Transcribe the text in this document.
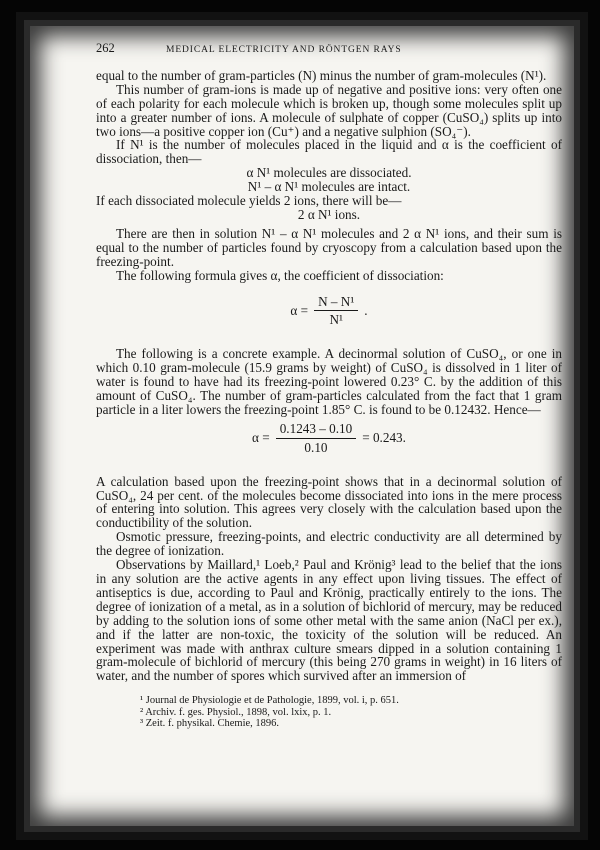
262	MEDICAL ELECTRICITY AND RÖNTGEN RAYS

equal to the number of gram-particles (N) minus the number of gram-molecules (N¹).

This number of gram-ions is made up of negative and positive ions: very often one of each polarity for each molecule which is broken up, though some molecules split up into a greater number of ions. A molecule of sulphate of copper (CuSO₄) splits up into two ions—a positive copper ion (Cu⁺) and a negative sulphion (SO₄⁻).

If N¹ is the number of molecules placed in the liquid and α is the coefficient of dissociation, then—

α N¹ molecules are dissociated.

N¹ – α N¹ molecules are intact.

If each dissociated molecule yields 2 ions, there will be—

2 α N¹ ions.

There are then in solution N¹ – α N¹ molecules and 2 α N¹ ions, and their sum is equal to the number of particles found by cryoscopy from a calculation based upon the freezing-point.

The following formula gives α, the coefficient of dissociation:

$\alpha = \frac{\text{N – N¹}}{\text{N¹}}$ .

The following is a concrete example. A decinormal solution of CuSO₄, or one in which 0.10 gram-molecule (15.9 grams by weight) of CuSO₄ is dissolved in 1 liter of water is found to have had its freezing-point lowered 0.23° C. by the addition of this amount of CuSO₄. The number of gram-particles calculated from the fact that 1 gram particle in a liter lowers the freezing-point 1.85° C. is found to be 0.12432. Hence—

$\alpha = \frac{0.1243 - 0.10}{0.10} = 0.243$.

A calculation based upon the freezing-point shows that in a decinormal solution of CuSO₄, 24 per cent. of the molecules become dissociated into ions in the mere process of entering into solution. This agrees very closely with the calculation based upon the conductibility of the solution.

Osmotic pressure, freezing-points, and electric conductivity are all determined by the degree of ionization.

Observations by Maillard,¹ Loeb,² Paul and Krönig³ lead to the belief that the ions in any solution are the active agents in any effect upon living tissues. The effect of antiseptics is due, according to Paul and Krönig, practically entirely to the ions. The degree of ionization of a metal, as in a solution of bichlorid of mercury, may be reduced by adding to the solution ions of some other metal with the same anion (NaCl per ex.), and if the latter are non-toxic, the toxicity of the solution will be reduced. An experiment was made with anthrax culture smears dipped in a solution containing 1 gram-molecule of bichlorid of mercury (this being 270 grams in weight) in 16 liters of water, and the number of spores which survived after an immersion of

¹ Journal de Physiologie et de Pathologie, 1899, vol. i, p. 651.
² Archiv. f. ges. Physiol., 1898, vol. lxix, p. 1.
³ Zeit. f. physikal. Chemie, 1896.
